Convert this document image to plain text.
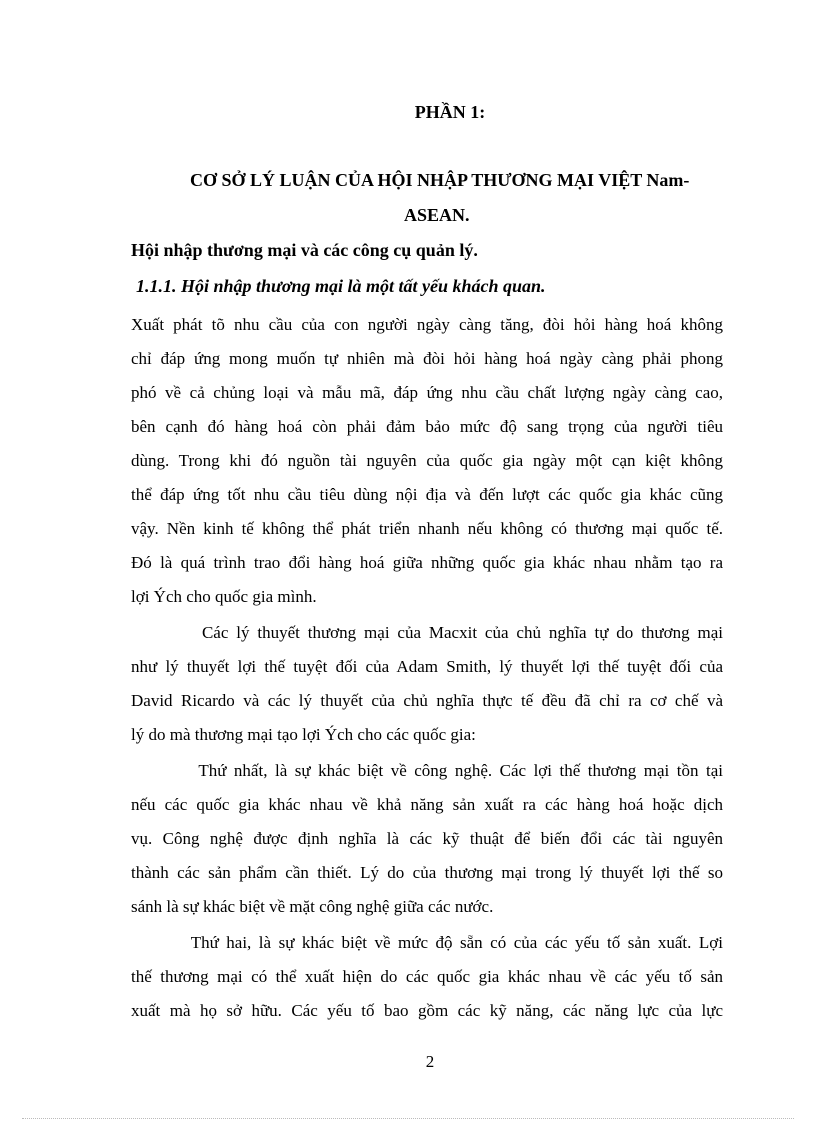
PHẦN 1:
CƠ SỞ LÝ LUẬN CỦA HỘI NHẬP THƯƠNG MẠI VIỆT Nam-
ASEAN.
Hội nhập thương mại và các công cụ quản lý.
1.1.1. Hội nhập thương mại là một tất yếu khách quan.
Xuất phát tõ nhu cầu của con người ngày càng tăng, đòi hỏi hàng hoá không
chỉ đáp ứng mong muốn tự nhiên mà đòi hỏi hàng hoá ngày càng phải phong
phó về cả chủng loại và mẫu mã, đáp ứng nhu cầu chất lượng ngày càng cao,
bên cạnh đó hàng hoá còn phải đảm bảo mức độ sang trọng của người tiêu
dùng. Trong khi đó nguồn tài nguyên của quốc gia ngày một cạn kiệt không
thể đáp ứng tốt nhu cầu tiêu dùng nội địa và đến lượt các quốc gia khác cũng
vậy. Nền kinh tế không thể phát triển nhanh nếu không có thương mại quốc tế.
Đó là quá trình trao đổi hàng hoá giữa những quốc gia khác nhau nhằm tạo ra
lợi Ých cho quốc gia mình.
Các lý thuyết thương mại của Macxit của chủ nghĩa tự do thương mại
như lý thuyết lợi thế tuyệt đối của Adam Smith, lý thuyết lợi thế tuyệt đối của
David Ricardo và các lý thuyết của chủ nghĩa thực tế đều đã chỉ ra cơ chế và
lý do mà thương mại tạo lợi Ých cho các quốc gia:
Thứ nhất, là sự khác biệt về công nghệ. Các lợi thế thương mại tồn tại
nếu các quốc gia khác nhau về khả năng sản xuất ra các hàng hoá hoặc dịch
vụ. Công nghệ được định nghĩa là các kỹ thuật để biến đổi các tài nguyên
thành các sản phẩm cần thiết. Lý do của thương mại trong lý thuyết lợi thế so
sánh là sự khác biệt về mặt công nghệ giữa các nước.
Thứ hai, là sự khác biệt về mức độ sẵn có của các yếu tố sản xuất. Lợi
thế thương mại có thể xuất hiện do các quốc gia khác nhau về các yếu tố sản
xuất mà họ sở hữu. Các yếu tố bao gồm các kỹ năng, các năng lực của lực
2
